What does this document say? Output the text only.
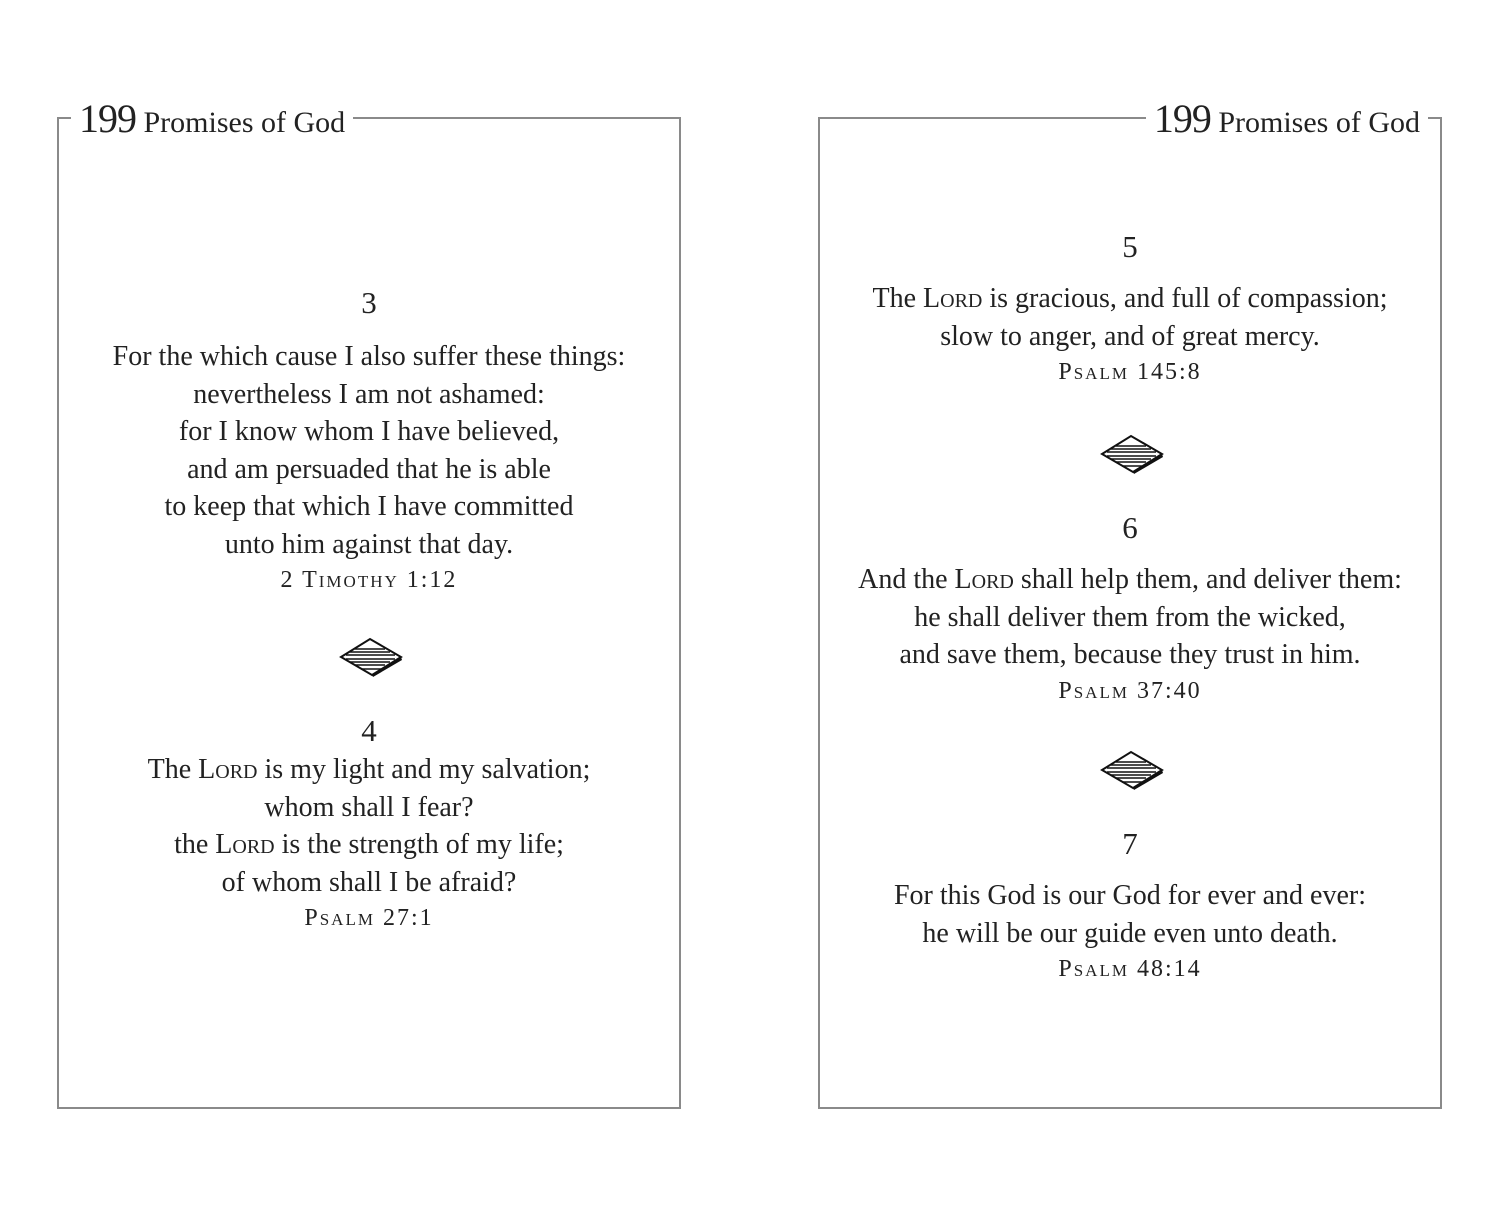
199 Promises of God
3
For the which cause I also suffer these things:
nevertheless I am not ashamed:
for I know whom I have believed,
and am persuaded that he is able
to keep that which I have committed
unto him against that day.
2 Timothy 1:12
4
The Lord is my light and my salvation;
whom shall I fear?
the Lord is the strength of my life;
of whom shall I be afraid?
Psalm 27:1
199 Promises of God
5
The Lord is gracious, and full of compassion;
slow to anger, and of great mercy.
Psalm 145:8
6
And the Lord shall help them, and deliver them:
he shall deliver them from the wicked,
and save them, because they trust in him.
Psalm 37:40
7
For this God is our God for ever and ever:
he will be our guide even unto death.
Psalm 48:14
